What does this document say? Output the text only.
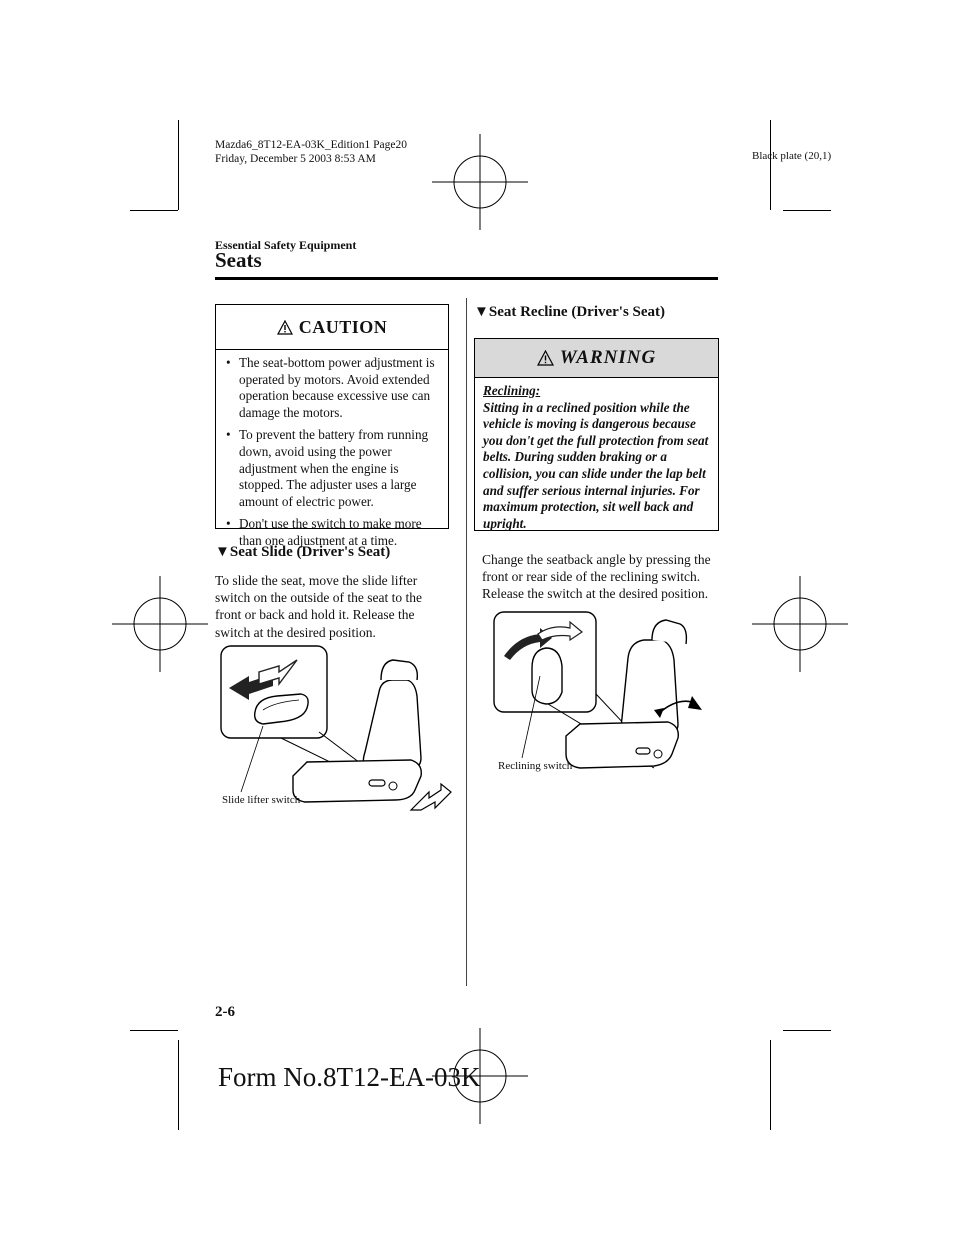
Mazda6_8T12-EA-03K_Edition1 Page20
Friday, December 5 2003 8:53 AM	Black plate (20,1)
Essential Safety Equipment
Seats
CAUTION
• The seat-bottom power adjustment is operated by motors. Avoid extended operation because excessive use can damage the motors.
• To prevent the battery from running down, avoid using the power adjustment when the engine is stopped. The adjuster uses a large amount of electric power.
• Don't use the switch to make more than one adjustment at a time.
▼Seat Slide (Driver's Seat)
To slide the seat, move the slide lifter switch on the outside of the seat to the front or back and hold it. Release the switch at the desired position.
Slide lifter switch
▼Seat Recline (Driver's Seat)
WARNING
Reclining:
Sitting in a reclined position while the vehicle is moving is dangerous because you don't get the full protection from seat belts. During sudden braking or a collision, you can slide under the lap belt and suffer serious internal injuries. For maximum protection, sit well back and upright.
Change the seatback angle by pressing the front or rear side of the reclining switch. Release the switch at the desired position.
Reclining switch
2-6
Form No.8T12-EA-03K
